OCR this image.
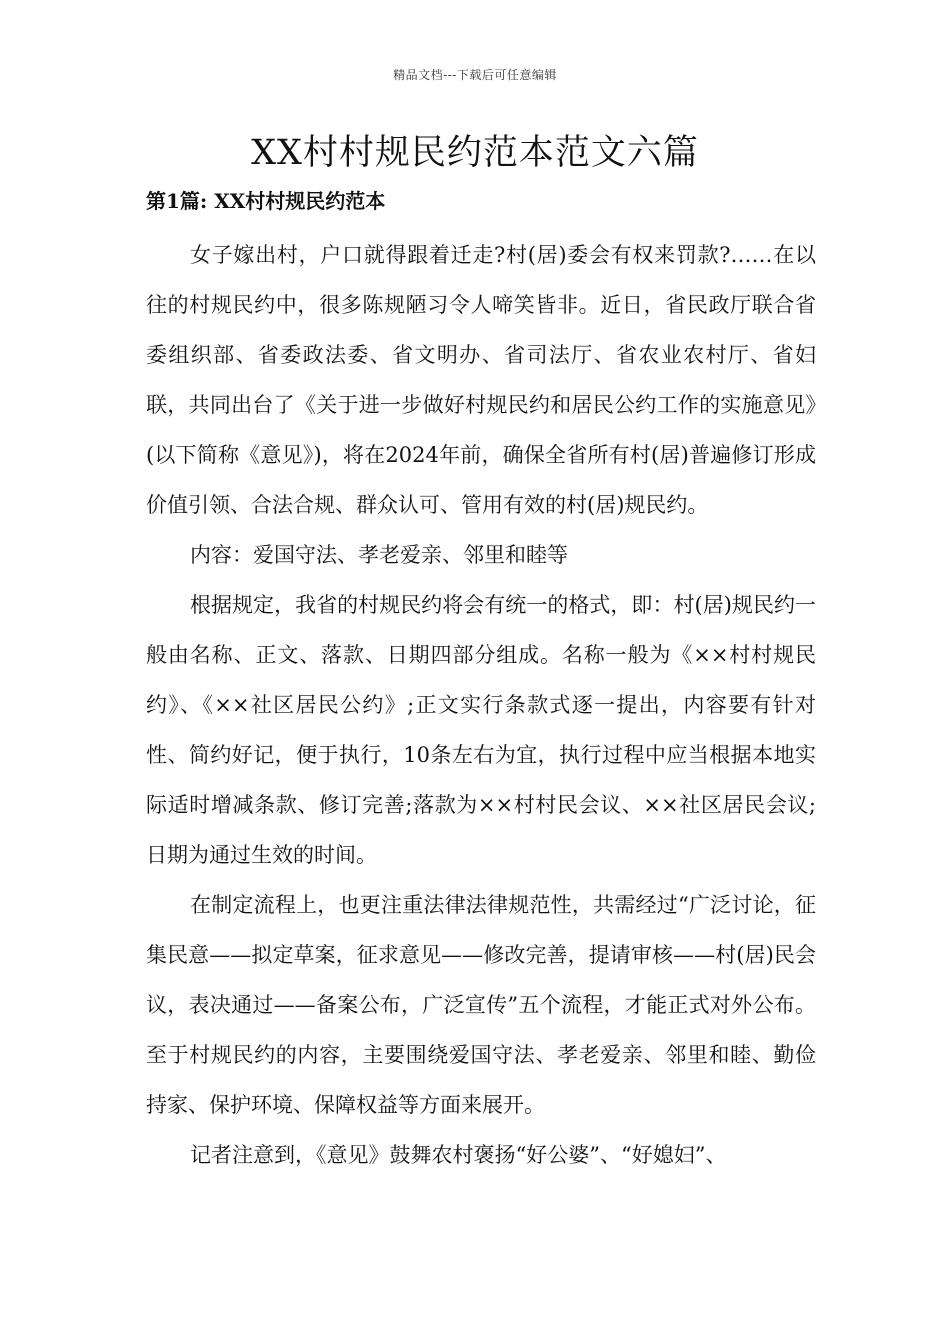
精品文档---下载后可任意编辑
XX村村规民约范本范文六篇
第1篇: XX村村规民约范本

女子嫁出村，户口就得跟着迁走?村(居)委会有权来罚款?……在以往的村规民约中，很多陈规陋习令人啼笑皆非。近日，省民政厅联合省委组织部、省委政法委、省文明办、省司法厅、省农业农村厅、省妇联，共同出台了《关于进一步做好村规民约和居民公约工作的实施意见》(以下简称《意见》)，将在2024年前，确保全省所有村(居)普遍修订形成价值引领、合法合规、群众认可、管用有效的村(居)规民约。

内容：爱国守法、孝老爱亲、邻里和睦等

根据规定，我省的村规民约将会有统一的格式，即：村(居)规民约一般由名称、正文、落款、日期四部分组成。名称一般为《××村村规民约》、《××社区居民公约》;正文实行条款式逐一提出，内容要有针对性、简约好记，便于执行，10条左右为宜，执行过程中应当根据本地实际适时增减条款、修订完善;落款为××村村民会议、××社区居民会议;日期为通过生效的时间。

在制定流程上，也更注重法律法律规范性，共需经过“广泛讨论，征集民意——拟定草案，征求意见——修改完善，提请审核——村(居)民会议，表决通过——备案公布，广泛宣传”五个流程，才能正式对外公布。至于村规民约的内容，主要围绕爱国守法、孝老爱亲、邻里和睦、勤俭持家、保护环境、保障权益等方面来展开。

记者注意到，《意见》鼓舞农村褒扬“好公婆”、“好媳妇”、
